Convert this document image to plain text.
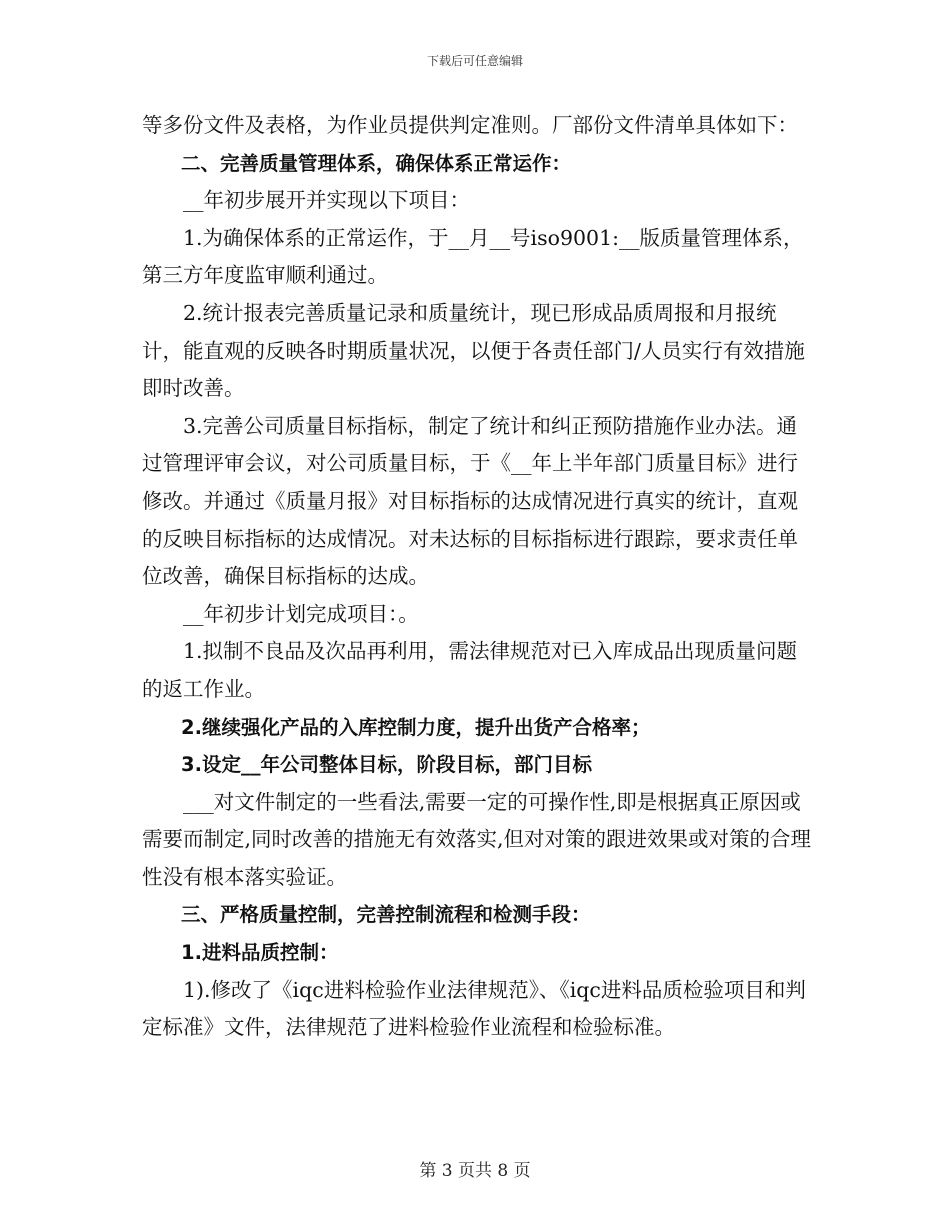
下载后可任意编辑

等多份文件及表格，为作业员提供判定准则。厂部份文件清单具体如下：

二、完善质量管理体系，确保体系正常运作：

__年初步展开并实现以下项目：

1.为确保体系的正常运作，于__月__号iso9001:__版质量管理体系，第三方年度监审顺利通过。

2.统计报表完善质量记录和质量统计，现已形成品质周报和月报统计，能直观的反映各时期质量状况，以便于各责任部门/人员实行有效措施即时改善。

3.完善公司质量目标指标，制定了统计和纠正预防措施作业办法。通过管理评审会议，对公司质量目标，于《__年上半年部门质量目标》进行修改。并通过《质量月报》对目标指标的达成情况进行真实的统计，直观的反映目标指标的达成情况。对未达标的目标指标进行跟踪，要求责任单位改善，确保目标指标的达成。

__年初步计划完成项目：。

1.拟制不良品及次品再利用，需法律规范对已入库成品出现质量问题的返工作业。

2.继续强化产品的入库控制力度，提升出货产合格率；

3.设定__年公司整体目标，阶段目标，部门目标

___对文件制定的一些看法,需要一定的可操作性,即是根据真正原因或需要而制定,同时改善的措施无有效落实,但对对策的跟进效果或对策的合理性没有根本落实验证。

三、严格质量控制，完善控制流程和检测手段：

1.进料品质控制：

1).修改了《iqc进料检验作业法律规范》、《iqc进料品质检验项目和判定标准》文件，法律规范了进料检验作业流程和检验标准。

第 3 页共 8 页
